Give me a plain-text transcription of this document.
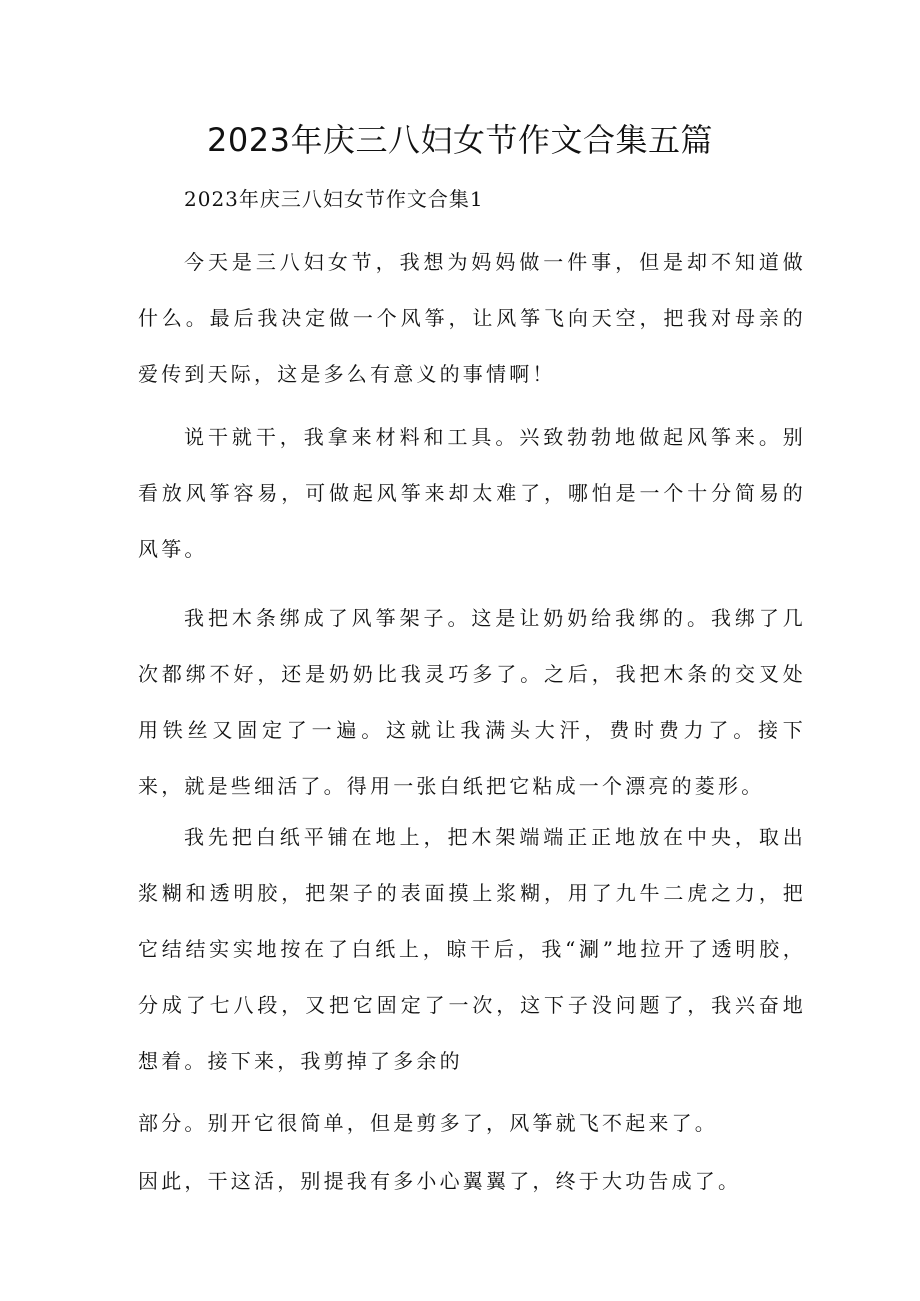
2023年庆三八妇女节作文合集五篇
2023年庆三八妇女节作文合集1

今天是三八妇女节，我想为妈妈做一件事，但是却不知道做什么。最后我决定做一个风筝，让风筝飞向天空，把我对母亲的爱传到天际，这是多么有意义的事情啊！

说干就干，我拿来材料和工具。兴致勃勃地做起风筝来。别看放风筝容易，可做起风筝来却太难了，哪怕是一个十分简易的风筝。

我把木条绑成了风筝架子。这是让奶奶给我绑的。我绑了几次都绑不好，还是奶奶比我灵巧多了。之后，我把木条的交叉处用铁丝又固定了一遍。这就让我满头大汗，费时费力了。接下来，就是些细活了。得用一张白纸把它粘成一个漂亮的菱形。

我先把白纸平铺在地上，把木架端端正正地放在中央，取出浆糊和透明胶，把架子的表面摸上浆糊，用了九牛二虎之力，把它结结实实地按在了白纸上，晾干后，我“涮”地拉开了透明胶，分成了七八段，又把它固定了一次，这下子没问题了，我兴奋地想着。接下来，我剪掉了多余的

部分。别开它很简单，但是剪多了，风筝就飞不起来了。

因此，干这活，别提我有多小心翼翼了，终于大功告成了。
